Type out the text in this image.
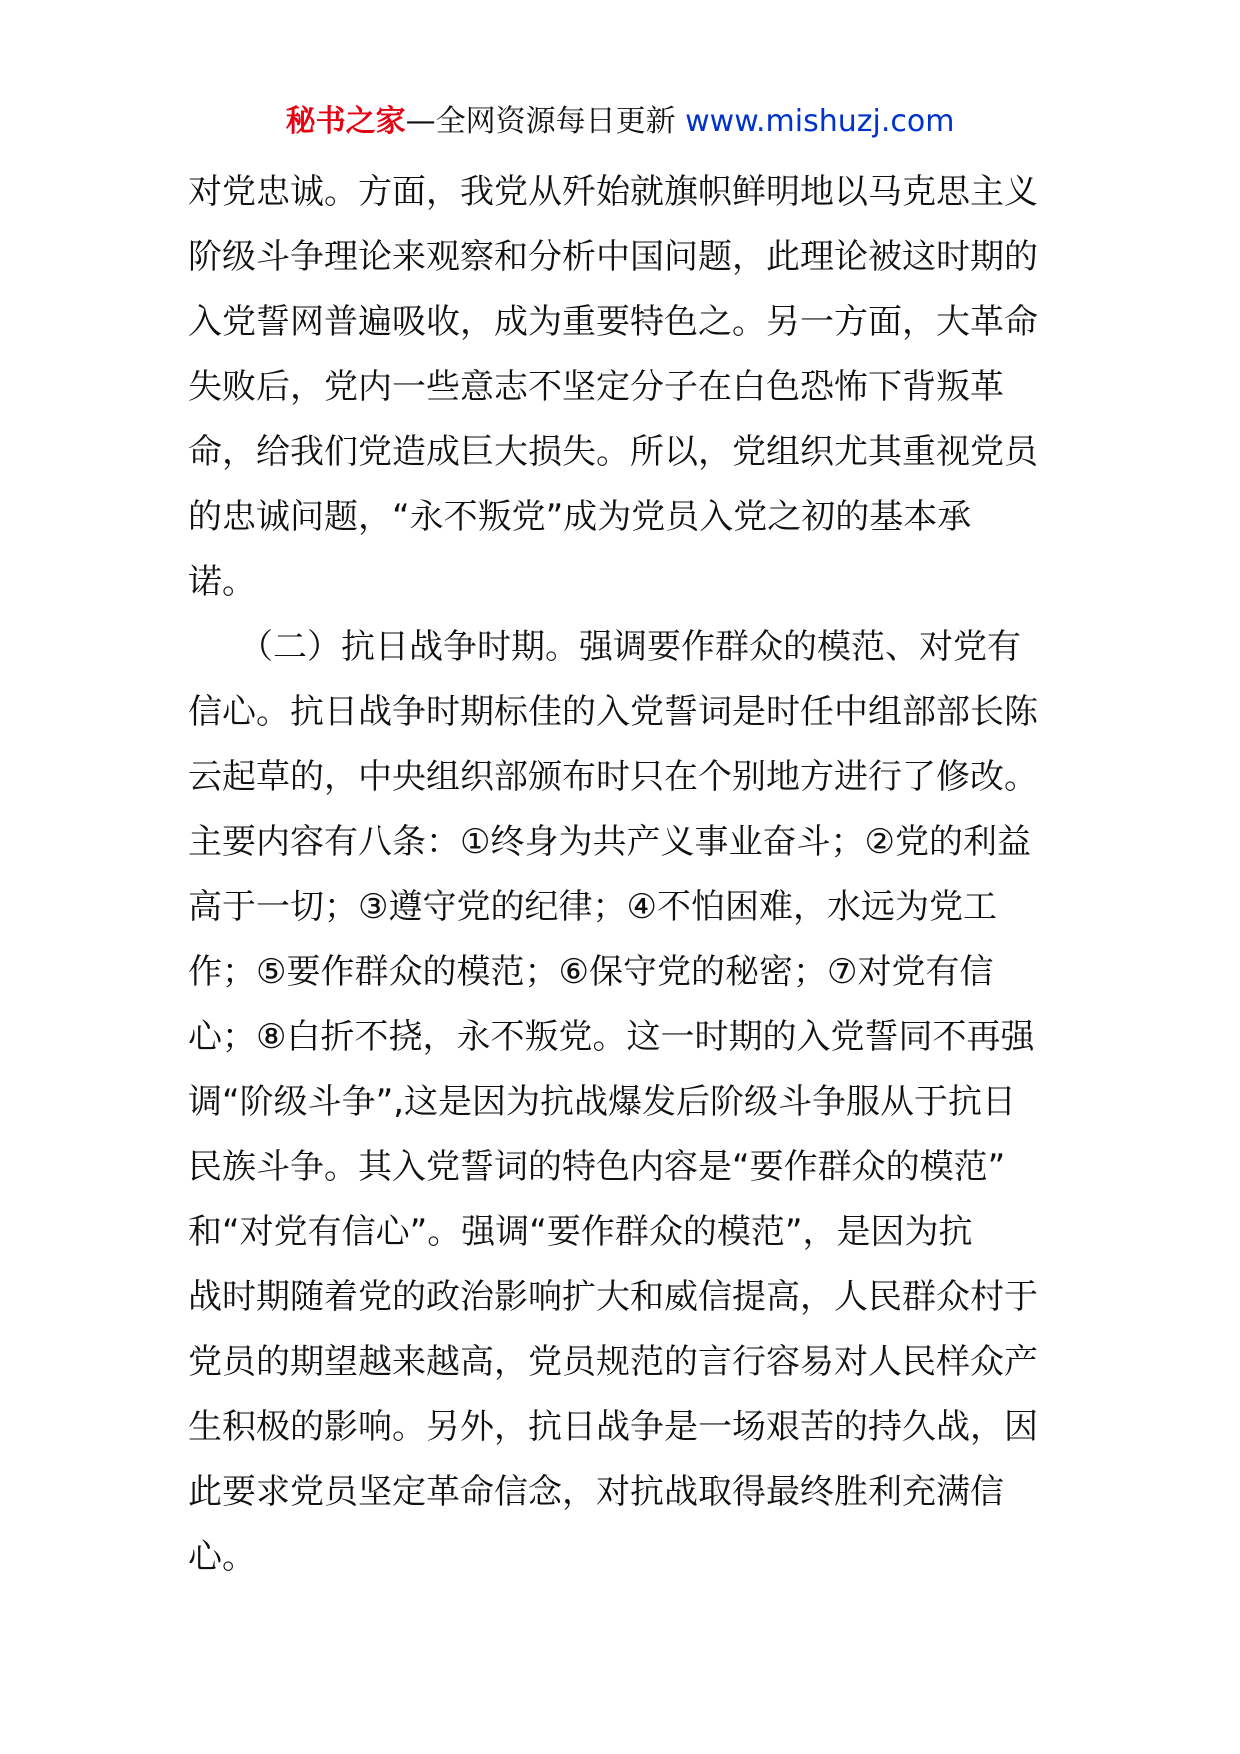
秘书之家—全网资源每日更新 www.mishuzj.com
对党忠诚。方面，我党从歼始就旗帜鲜明地以马克思主义
阶级斗争理论来观察和分析中国问题，此理论被这时期的
入党誓网普遍吸收，成为重要特色之。另一方面，大革命
失败后，党内一些意志不坚定分子在白色恐怖下背叛革
命，给我们党造成巨大损失。所以，党组织尤其重视党员
的忠诚问题，“永不叛党”成为党员入党之初的基本承
诺。
　　（二）抗日战争时期。强调要作群众的模范、对党有
信心。抗日战争时期标佳的入党誓词是时任中组部部长陈
云起草的，中央组织部颁布时只在个别地方进行了修改。
主要内容有八条：①终身为共产义事业奋斗；②党的利益
高于一切；③遵守党的纪律；④不怕困难，水远为党工
作；⑤要作群众的模范；⑥保守党的秘密；⑦对党有信
心；⑧白折不挠，永不叛党。这一时期的入党誓同不再强
调“阶级斗争”,这是因为抗战爆发后阶级斗争服从于抗日
民族斗争。其入党誓词的特色内容是“要作群众的模范”
和“对党有信心”。强调“要作群众的模范”，是因为抗
战时期随着党的政治影响扩大和威信提高，人民群众村于
党员的期望越来越高，党员规范的言行容易对人民样众产
生积极的影响。另外，抗日战争是一场艰苦的持久战，因
此要求党员坚定革命信念，对抗战取得最终胜利充满信
心。
